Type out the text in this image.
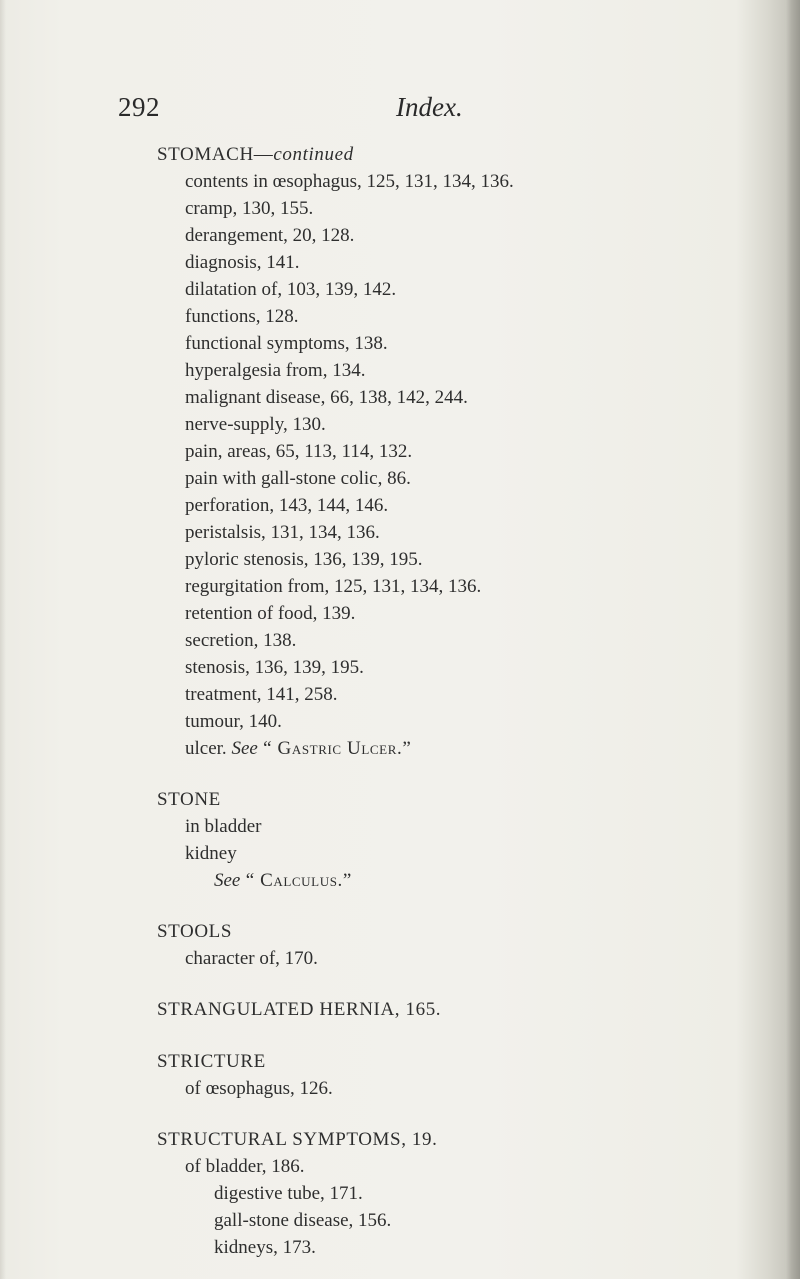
292	Index.
STOMACH—continued
contents in œsophagus, 125, 131, 134, 136.
cramp, 130, 155.
derangement, 20, 128.
diagnosis, 141.
dilatation of, 103, 139, 142.
functions, 128.
functional symptoms, 138.
hyperalgesia from, 134.
malignant disease, 66, 138, 142, 244.
nerve-supply, 130.
pain, areas, 65, 113, 114, 132.
pain with gall-stone colic, 86.
perforation, 143, 144, 146.
peristalsis, 131, 134, 136.
pyloric stenosis, 136, 139, 195.
regurgitation from, 125, 131, 134, 136.
retention of food, 139.
secretion, 138.
stenosis, 136, 139, 195.
treatment, 141, 258.
tumour, 140.
ulcer. See “ Gastric Ulcer.”
STONE
in bladder
kidney
See “ Calculus.”
STOOLS
character of, 170.
STRANGULATED HERNIA, 165.
STRICTURE
of œsophagus, 126.
STRUCTURAL SYMPTOMS, 19.
of bladder, 186.
digestive tube, 171.
gall-stone disease, 156.
kidneys, 173.
